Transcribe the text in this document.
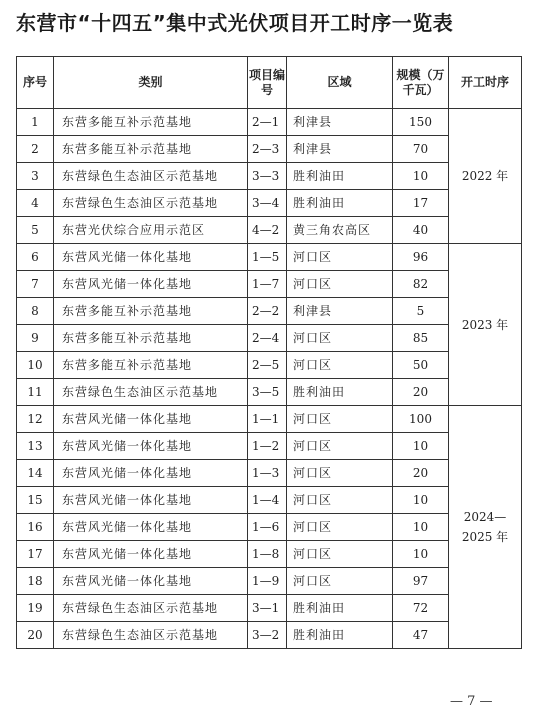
东营市“十四五”集中式光伏项目开工时序一览表
序号	类别	项目编号	区域	规模（万千瓦）	开工时序
1	东营多能互补示范基地	2—1	利津县	150	2022 年
2	东营多能互补示范基地	2—3	利津县	70	
3	东营绿色生态油区示范基地	3—3	胜利油田	10	
4	东营绿色生态油区示范基地	3—4	胜利油田	17	
5	东营光伏综合应用示范区	4—2	黄三角农高区	40	
6	东营风光储一体化基地	1—5	河口区	96	2023 年
7	东营风光储一体化基地	1—7	河口区	82	
8	东营多能互补示范基地	2—2	利津县	5	
9	东营多能互补示范基地	2—4	河口区	85	
10	东营多能互补示范基地	2—5	河口区	50	
11	东营绿色生态油区示范基地	3—5	胜利油田	20	
12	东营风光储一体化基地	1—1	河口区	100	2024—2025 年
13	东营风光储一体化基地	1—2	河口区	10	
14	东营风光储一体化基地	1—3	河口区	20	
15	东营风光储一体化基地	1—4	河口区	10	
16	东营风光储一体化基地	1—6	河口区	10	
17	东营风光储一体化基地	1—8	河口区	10	
18	东营风光储一体化基地	1—9	河口区	97	
19	东营绿色生态油区示范基地	3—1	胜利油田	72	
20	东营绿色生态油区示范基地	3—2	胜利油田	47	
— 7 —
